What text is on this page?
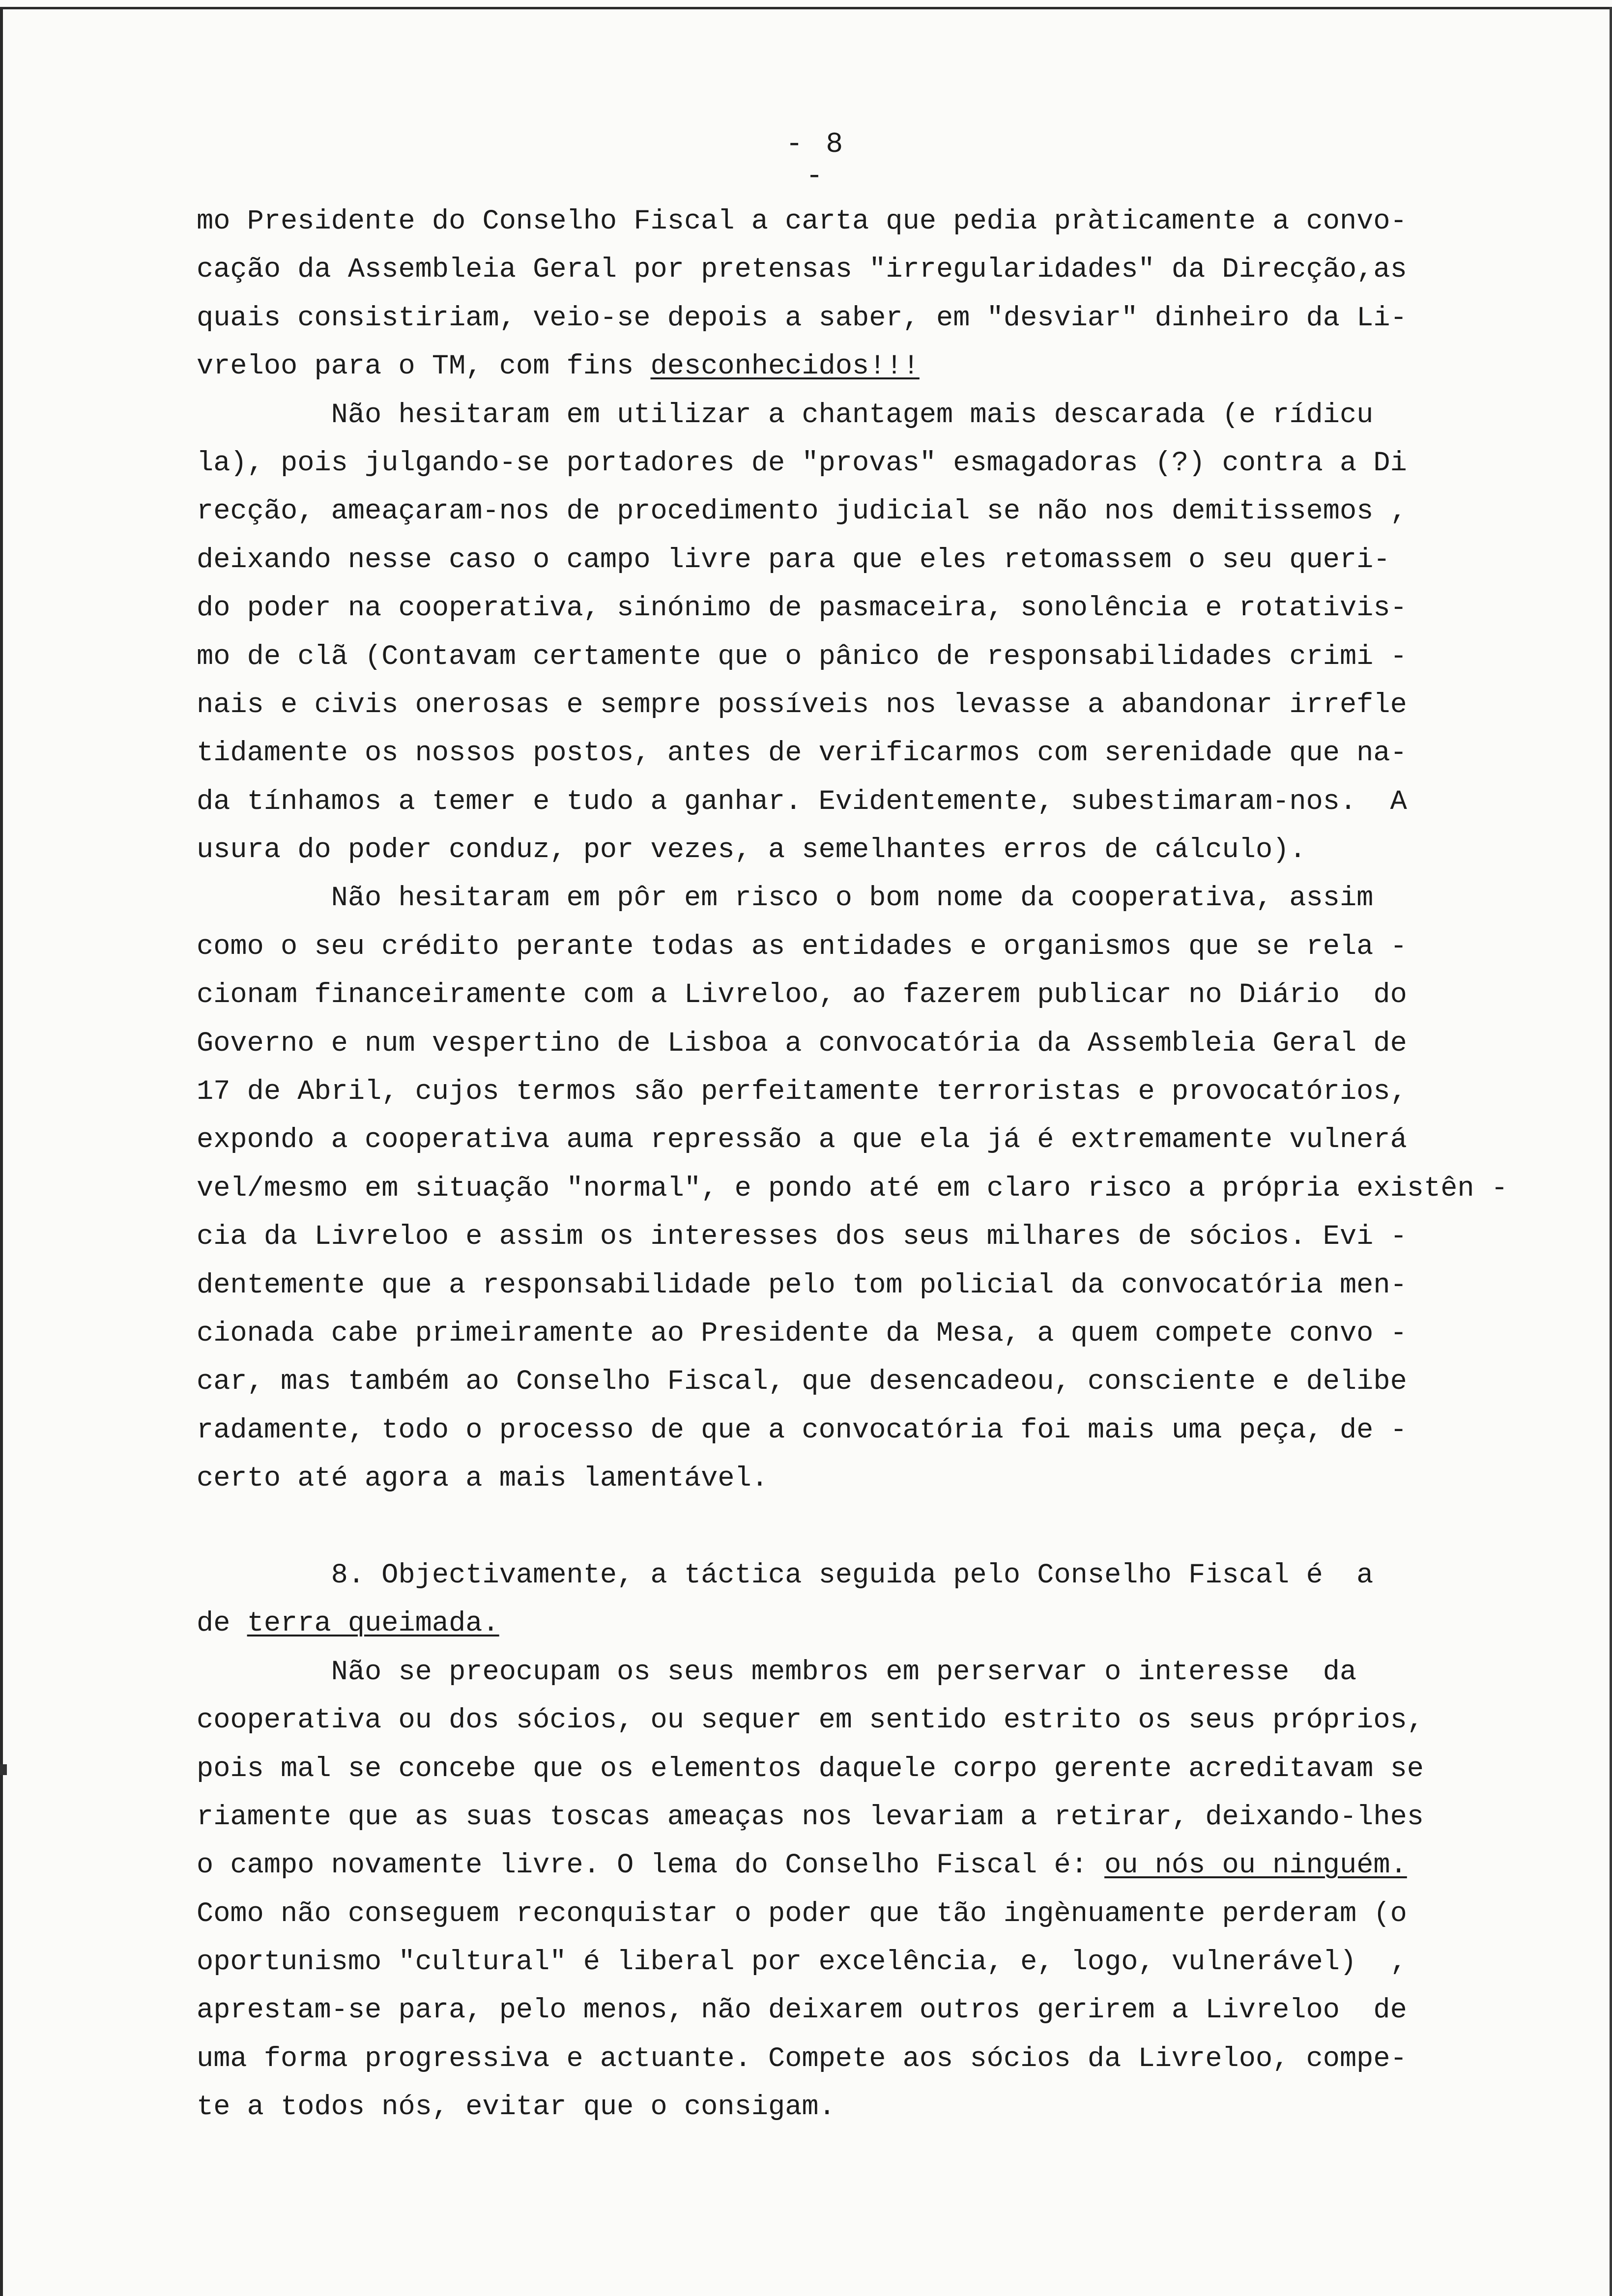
- 8 -
mo Presidente do Conselho Fiscal a carta que pedia pràticamente a convo-
cação da Assembleia Geral por pretensas "irregularidades" da Direcção,as
quais consistiriam, veio-se depois a saber, em "desviar" dinheiro da Li-
vreloo para o TM, com fins desconhecidos!!!
Não hesitaram em utilizar a chantagem mais descarada (e rídicu
la), pois julgando-se portadores de "provas" esmagadoras (?) contra a Di
recção, ameaçaram-nos de procedimento judicial se não nos demitissemos ,
deixando nesse caso o campo livre para que eles retomassem o seu queri-
do poder na cooperativa, sinónimo de pasmaceira, sonolência e rotativis-
mo de clã (Contavam certamente que o pânico de responsabilidades crimi -
nais e civis onerosas e sempre possíveis nos levasse a abandonar irrefle
tidamente os nossos postos, antes de verificarmos com serenidade que na-
da tínhamos a temer e tudo a ganhar. Evidentemente, subestimaram-nos.  A
usura do poder conduz, por vezes, a semelhantes erros de cálculo).
Não hesitaram em pôr em risco o bom nome da cooperativa, assim
como o seu crédito perante todas as entidades e organismos que se rela -
cionam financeiramente com a Livreloo, ao fazerem publicar no Diário  do
Governo e num vespertino de Lisboa a convocatória da Assembleia Geral de
17 de Abril, cujos termos são perfeitamente terroristas e provocatórios,
expondo a cooperativa auma repressão a que ela já é extremamente vulnerá
vel/mesmo em situação "normal", e pondo até em claro risco a própria existên -
cia da Livreloo e assim os interesses dos seus milhares de sócios. Evi -
dentemente que a responsabilidade pelo tom policial da convocatória men-
cionada cabe primeiramente ao Presidente da Mesa, a quem compete convo -
car, mas também ao Conselho Fiscal, que desencadeou, consciente e delibe
radamente, todo o processo de que a convocatória foi mais uma peça, de -
certo até agora a mais lamentável.
8. Objectivamente, a táctica seguida pelo Conselho Fiscal é  a
de terra queimada.
Não se preocupam os seus membros em perservar o interesse  da
cooperativa ou dos sócios, ou sequer em sentido estrito os seus próprios,
pois mal se concebe que os elementos daquele corpo gerente acreditavam se
riamente que as suas toscas ameaças nos levariam a retirar, deixando-lhes
o campo novamente livre. O lema do Conselho Fiscal é: ou nós ou ninguém.
Como não conseguem reconquistar o poder que tão ingènuamente perderam (o
oportunismo "cultural" é liberal por excelência, e, logo, vulnerável)  ,
aprestam-se para, pelo menos, não deixarem outros gerirem a Livreloo  de
uma forma progressiva e actuante. Compete aos sócios da Livreloo, compe-
te a todos nós, evitar que o consigam.
